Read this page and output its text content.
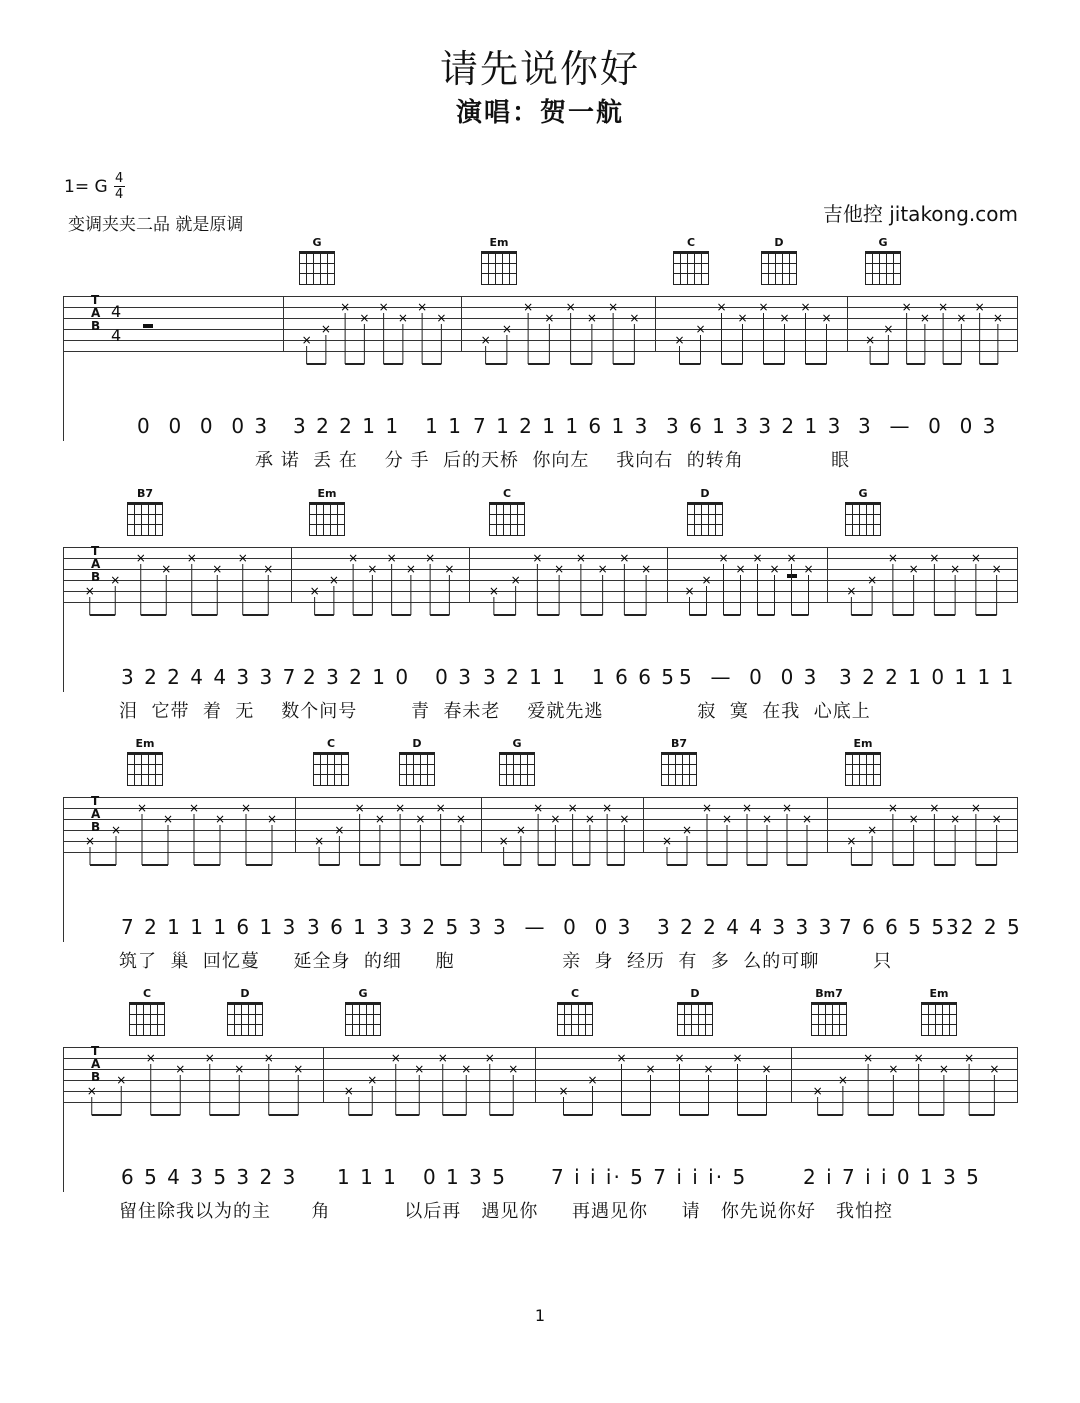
请先说你好
演唱：贺一航
1= G $\frac{4}{4}$
变调夹夹二品 就是原调	吉他控 jitakong.com
T
A
B
4
4
G	Em	C	D	G
0  0  0  0 3 3 2 2 1 1   1 1 7 1 2 1 1 6 1 3 3 6 1 3 3 2 1 3 3  —  0  0 3
承 诺  丢 在    分 手  后的天桥  你向左    我向右  的转角             眼
T
A
B
B7	Em	C	D	G
3 2 2 4 4 3 3 7 2 3 2 1 0   0 3 3 2 1 1   1 6 6 5 5  —  0  0 3 3 2 2 1 0 1 1 1
泪  它带  着  无    数个问号        青  春未老    爱就先逃              寂  寞  在我  心底上
T
A
B
Em	C	D	G	B7	Em
7 2 1 1 1 6 1 3 3 6 1 3 3 2 5 3 3  —  0  0 3 3 2 2 4 4 3 3 3 7 6 6 5 532 2 5
筑了  巢  回忆蔓     延全身  的细     胞                亲  身  经历  有  多  么的可聊        只
T
A
B
C	D	G	C	D	Bm7	Em
6 5 4 3 5 3 2 3 1 1 1   0 1 3 5 7 i i i· 5 7 i i i· 5	2 i 7 i i 0 1 3 5
留住除我以为的主      角           以后再   遇见你     再遇见你     请   你先说你好   我怕控
1
×
×
×
×
×
×
×
×
×
×
×
×
×
×
×
×
×
×
×
×
×
×
×
×
×
×
×
×
×
×
×
×
×
×
×
×
×
×
×
×
×
×
×
×
×
×
×
×
×
×
×
×
×
×
×
×
×
×
×
×
×
×
×
×
×
×
×
×
×
×
×
×
×
×
×
×
×
×
×
×
×
×
×
×
×
×
×
×
×
×
×
×
×
×
×
×
×
×
×
×
×
×
×
×
×
×
×
×
×
×
×
×
×
×
×
×
×
×
×
×
×
×
×
×
×
×
×
×
×
×
×
×
×
×
×
×
×
×
×
×
×
×
×
×
